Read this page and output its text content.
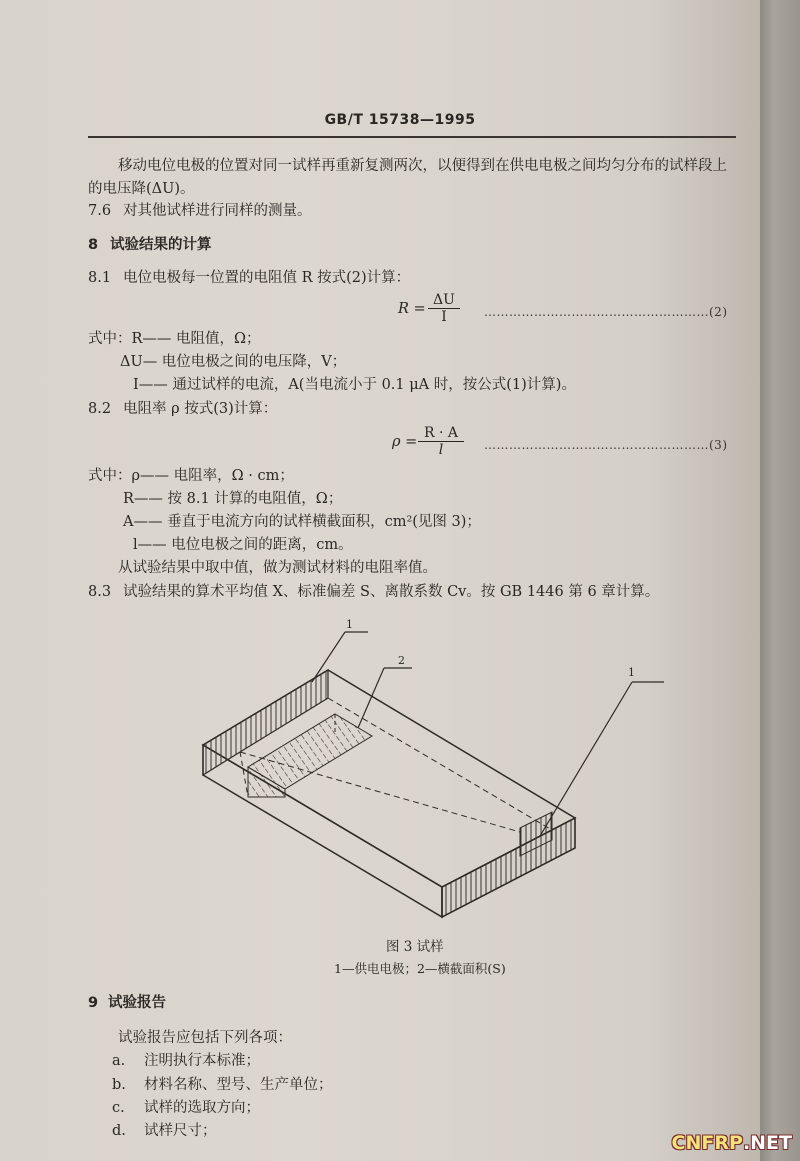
GB/T 15738—1995
移动电位电极的位置对同一试样再重新复测两次，以便得到在供电电极之间均匀分布的试样段上
的电压降(ΔU)。
7.6 对其他试样进行同样的测量。
8 试验结果的计算
8.1 电位电极每一位置的电阻值 R 按式(2)计算：
$R = \frac{\Delta U}{I}$ ………………………………………………(2)
式中：R—— 电阻值，Ω；
ΔU— 电位电极之间的电压降，V；
I—— 通过试样的电流，A(当电流小于 0.1 μA 时，按公式(1)计算)。
8.2 电阻率 ρ 按式(3)计算：
$\rho = \frac{R \cdot A}{l}$ ………………………………………………(3)
式中：ρ—— 电阻率，Ω · cm；
R—— 按 8.1 计算的电阻值，Ω；
A—— 垂直于电流方向的试样横截面积，cm²(见图 3)；
l—— 电位电极之间的距离，cm。
从试验结果中取中值，做为测试材料的电阻率值。
8.3 试验结果的算术平均值 X、标准偏差 S、离散系数 Cv。按 GB 1446 第 6 章计算。
1
2
1
图 3 试样
1—供电电极；2—横截面积(S)
9 试验报告
试验报告应包括下列各项：
a. 注明执行本标准；
b. 材料名称、型号、生产单位；
c. 试样的选取方向；
d. 试样尺寸；
CNFRP.NET
